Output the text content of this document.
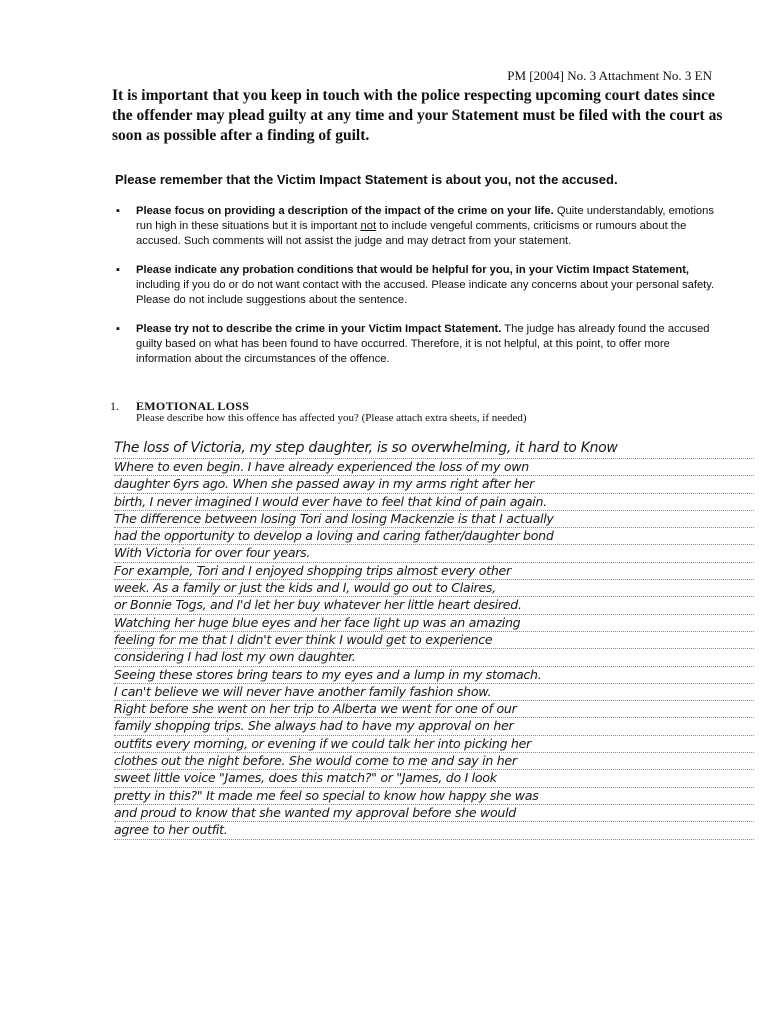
PM [2004] No. 3 Attachment No. 3 EN
It is important that you keep in touch with the police respecting upcoming court dates since the offender may plead guilty at any time and your Statement must be filed with the court as soon as possible after a finding of guilt.
Please remember that the Victim Impact Statement is about you, not the accused.
▪ Please focus on providing a description of the impact of the crime on your life. Quite understandably, emotions run high in these situations but it is important not to include vengeful comments, criticisms or rumours about the accused. Such comments will not assist the judge and may detract from your statement.
▪ Please indicate any probation conditions that would be helpful for you, in your Victim Impact Statement, including if you do or do not want contact with the accused. Please indicate any concerns about your personal safety. Please do not include suggestions about the sentence.
▪ Please try not to describe the crime in your Victim Impact Statement. The judge has already found the accused guilty based on what has been found to have occurred. Therefore, it is not helpful, at this point, to offer more information about the circumstances of the offence.
1. EMOTIONAL LOSS
Please describe how this offence has affected you? (Please attach extra sheets, if needed)
The loss of Victoria, my step daughter, is so overwhelming, it hard to Know
Where to even begin. I have already experienced the loss of my own
daughter 6yrs ago. When she passed away in my arms right after her
birth, I never imagined I would ever have to feel that kind of pain again.
The difference between losing Tori and losing Mackenzie is that I actually
had the opportunity to develop a loving and caring father/daughter bond
With Victoria for over four years.
For example, Tori and I enjoyed shopping trips almost every other
week. As a family or just the kids and I, would go out to Claires,
or Bonnie Togs, and I'd let her buy whatever her little heart desired.
Watching her huge blue eyes and her face light up was an amazing
feeling for me that I didn't ever think I would get to experience
considering I had lost my own daughter.
Seeing these stores bring tears to my eyes and a lump in my stomach.
I can't believe we will never have another family fashion show.
Right before she went on her trip to Alberta we went for one of our
family shopping trips. She always had to have my approval on her
outfits every morning, or evening if we could talk her into picking her
clothes out the night before. She would come to me and say in her
sweet little voice "James, does this match?" or "James, do I look
pretty in this?" It made me feel so special to know how happy she was
and proud to know that she wanted my approval before she would
agree to her outfit.
